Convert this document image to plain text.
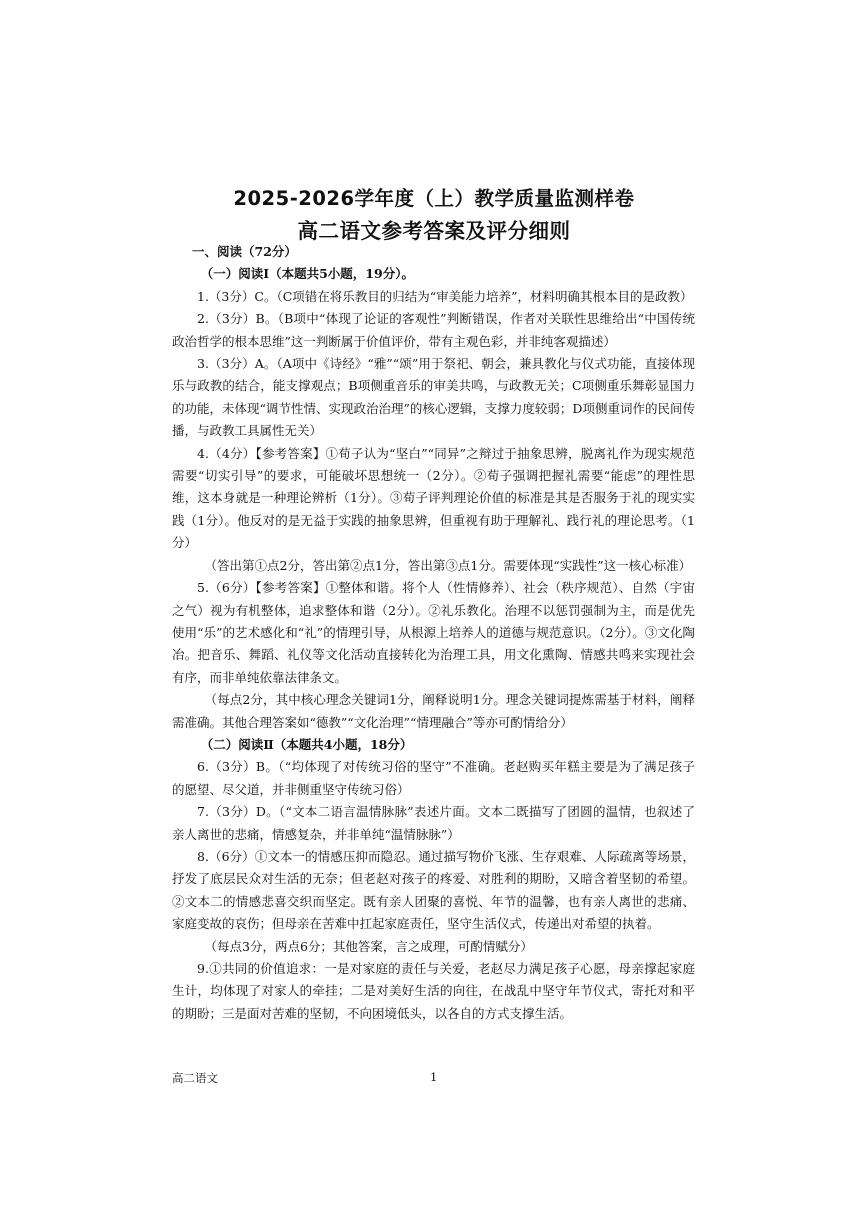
2025-2026学年度（上）教学质量监测样卷
高二语文参考答案及评分细则

一、阅读（72分）

（一）阅读Ⅰ（本题共5小题，19分）。

1.（3分）C。（C项错在将乐教目的归结为“审美能力培养”，材料明确其根本目的是政教）

2.（3分）B。（B项中“体现了论证的客观性”判断错误，作者对关联性思维给出“中国传统政治哲学的根本思维”这一判断属于价值评价，带有主观色彩，并非纯客观描述）

3.（3分）A。（A项中《诗经》“雅”“颂”用于祭祀、朝会，兼具教化与仪式功能，直接体现乐与政教的结合，能支撑观点；B项侧重音乐的审美共鸣，与政教无关；C项侧重乐舞彰显国力的功能，未体现“调节性情、实现政治治理”的核心逻辑，支撑力度较弱；D项侧重词作的民间传播，与政教工具属性无关）

4.（4分）【参考答案】①荀子认为“坚白”“同异”之辩过于抽象思辨，脱离礼作为现实规范需要“切实引导”的要求，可能破坏思想统一（2分）。②荀子强调把握礼需要“能虑”的理性思维，这本身就是一种理论辨析（1分）。③荀子评判理论价值的标准是其是否服务于礼的现实实践（1分）。他反对的是无益于实践的抽象思辨，但重视有助于理解礼、践行礼的理论思考。（1分）

（答出第①点2分，答出第②点1分，答出第③点1分。需要体现“实践性”这一核心标准）

5.（6分）【参考答案】①整体和谐。将个人（性情修养）、社会（秩序规范）、自然（宇宙之气）视为有机整体，追求整体和谐（2分）。②礼乐教化。治理不以惩罚强制为主，而是优先使用“乐”的艺术感化和“礼”的情理引导，从根源上培养人的道德与规范意识。（2分）。③文化陶冶。把音乐、舞蹈、礼仪等文化活动直接转化为治理工具，用文化熏陶、情感共鸣来实现社会有序，而非单纯依靠法律条文。

（每点2分，其中核心理念关键词1分，阐释说明1分。理念关键词提炼需基于材料，阐释需准确。其他合理答案如“德教”“文化治理”“情理融合”等亦可酌情给分）

（二）阅读Ⅱ（本题共4小题，18分）

6.（3分）B。（“均体现了对传统习俗的坚守”不准确。老赵购买年糕主要是为了满足孩子的愿望、尽父道，并非侧重坚守传统习俗）

7.（3分）D。（“文本二语言温情脉脉”表述片面。文本二既描写了团圆的温情，也叙述了亲人离世的悲痛，情感复杂，并非单纯“温情脉脉”）

8.（6分）①文本一的情感压抑而隐忍。通过描写物价飞涨、生存艰难、人际疏离等场景，抒发了底层民众对生活的无奈；但老赵对孩子的疼爱、对胜利的期盼，又暗含着坚韧的希望。②文本二的情感悲喜交织而坚定。既有亲人团聚的喜悦、年节的温馨，也有亲人离世的悲痛、家庭变故的哀伤；但母亲在苦难中扛起家庭责任，坚守生活仪式，传递出对希望的执着。

（每点3分，两点6分；其他答案，言之成理，可酌情赋分）

9.①共同的价值追求：一是对家庭的责任与关爱，老赵尽力满足孩子心愿，母亲撑起家庭生计，均体现了对家人的牵挂；二是对美好生活的向往，在战乱中坚守年节仪式，寄托对和平的期盼；三是面对苦难的坚韧，不向困境低头，以各自的方式支撑生活。

高二语文	1
